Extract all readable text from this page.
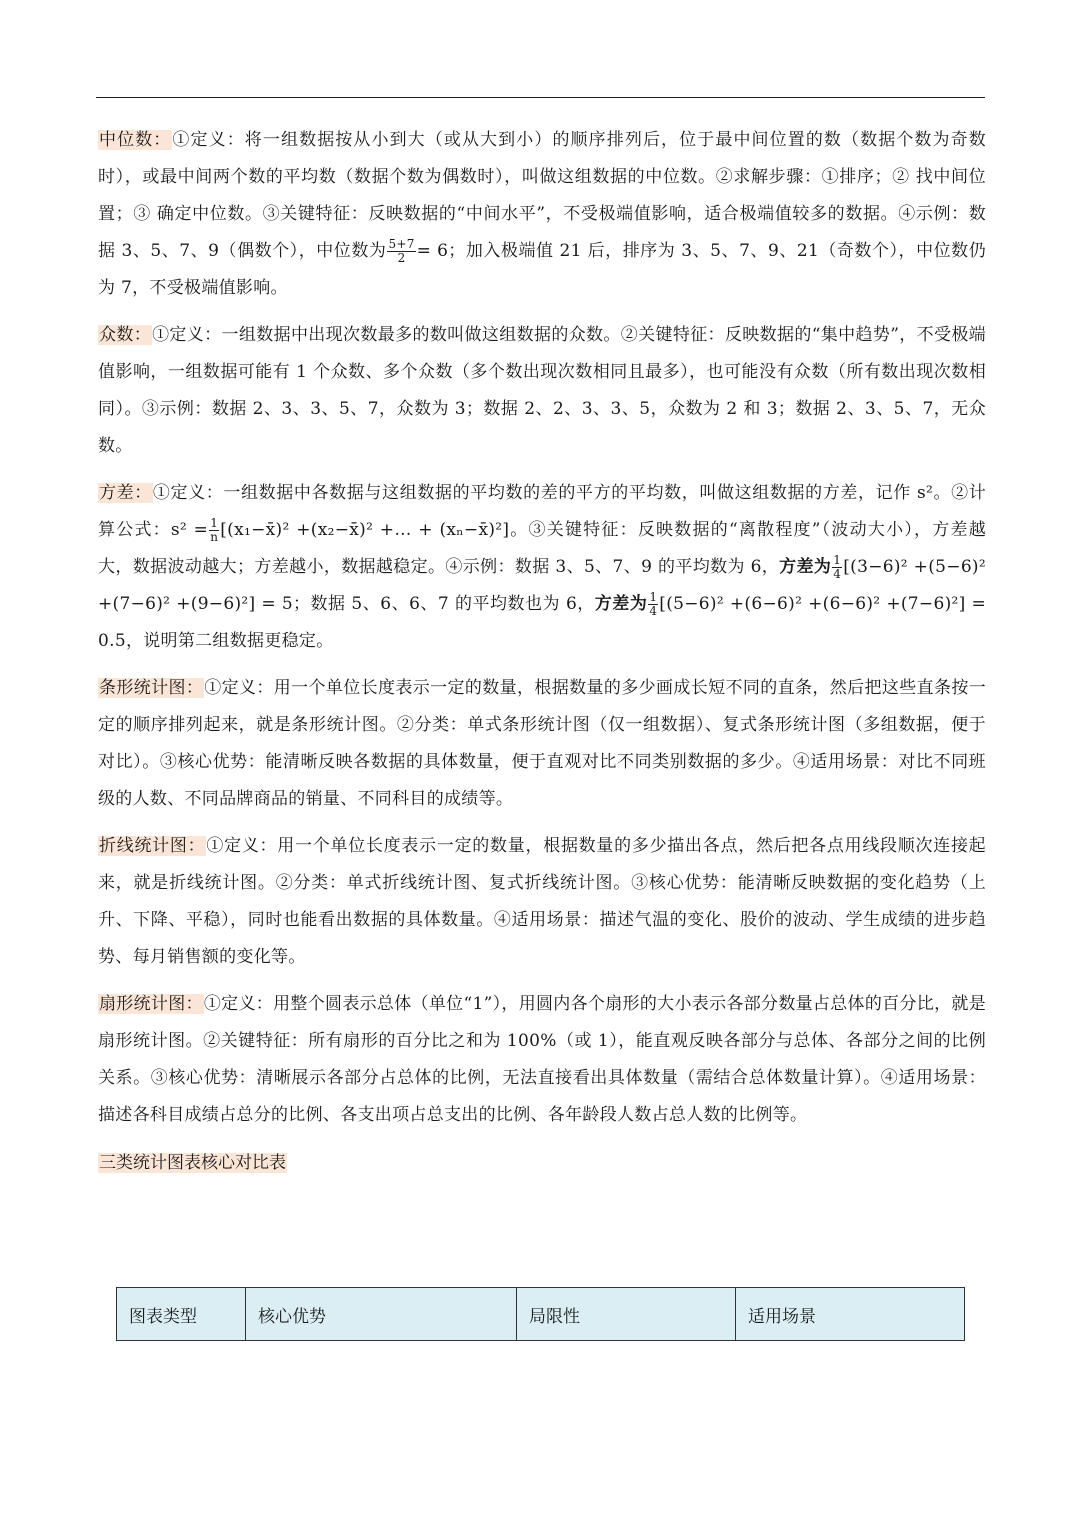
中位数：①定义：将一组数据按从小到大（或从大到小）的顺序排列后，位于最中间位置的数（数据个数为奇数时），或最中间两个数的平均数（数据个数为偶数时），叫做这组数据的中位数。②求解步骤：①排序；② 找中间位置；③ 确定中位数。③关键特征：反映数据的“中间水平”，不受极端值影响，适合极端值较多的数据。④示例：数据 3、5、7、9（偶数个），中位数为 $\frac{5+7}{2} = 6$；加入极端值 21 后，排序为 3、5、7、9、21（奇数个），中位数仍为 7，不受极端值影响。

众数：①定义：一组数据中出现次数最多的数叫做这组数据的众数。②关键特征：反映数据的“集中趋势”，不受极端值影响，一组数据可能有 1 个众数、多个众数（多个数出现次数相同且最多），也可能没有众数（所有数出现次数相同）。③示例：数据 2、3、3、5、7，众数为 3；数据 2、2、3、3、5，众数为 2 和 3；数据 2、3、5、7，无众数。

方差：①定义：一组数据中各数据与这组数据的平均数的差的平方的平均数，叫做这组数据的方差，记作 s²。②计算公式：$s^2 = \frac{1}{n}$ [(x₁−x̄)² +(x₂−x̄)² +… + (xₙ−x̄)²]。③关键特征：反映数据的“离散程度”（波动大小），方差越大，数据波动越大；方差越小，数据越稳定。④示例：数据 3、5、7、9 的平均数为 6，方差为 $\frac{1}{4} [(3-6)^2 +(5-6)^2 +(7-6)^2 +(9-6)^2] = 5$；数据 5、6、6、7 的平均数也为 6，方差为 $\frac{1}{4} [(5-6)^2 +(6-6)^2 +(6-6)^2 +(7-6)^2] = 0.5$，说明第二组数据更稳定。

条形统计图：①定义：用一个单位长度表示一定的数量，根据数量的多少画成长短不同的直条，然后把这些直条按一定的顺序排列起来，就是条形统计图。②分类：单式条形统计图（仅一组数据）、复式条形统计图（多组数据，便于对比）。③核心优势：能清晰反映各数据的具体数量，便于直观对比不同类别数据的多少。④适用场景：对比不同班级的人数、不同品牌商品的销量、不同科目的成绩等。

折线统计图：①定义：用一个单位长度表示一定的数量，根据数量的多少描出各点，然后把各点用线段顺次连接起来，就是折线统计图。②分类：单式折线统计图、复式折线统计图。③核心优势：能清晰反映数据的变化趋势（上升、下降、平稳），同时也能看出数据的具体数量。④适用场景：描述气温的变化、股价的波动、学生成绩的进步趋势、每月销售额的变化等。

扇形统计图：①定义：用整个圆表示总体（单位“1”），用圆内各个扇形的大小表示各部分数量占总体的百分比，就是扇形统计图。②关键特征：所有扇形的百分比之和为 100%（或 1），能直观反映各部分与总体、各部分之间的比例关系。③核心优势：清晰展示各部分占总体的比例，无法直接看出具体数量（需结合总体数量计算）。④适用场景：描述各科目成绩占总分的比例、各支出项占总支出的比例、各年龄段人数占总人数的比例等。

三类统计图表核心对比表
图表类型	核心优势	局限性	适用场景
